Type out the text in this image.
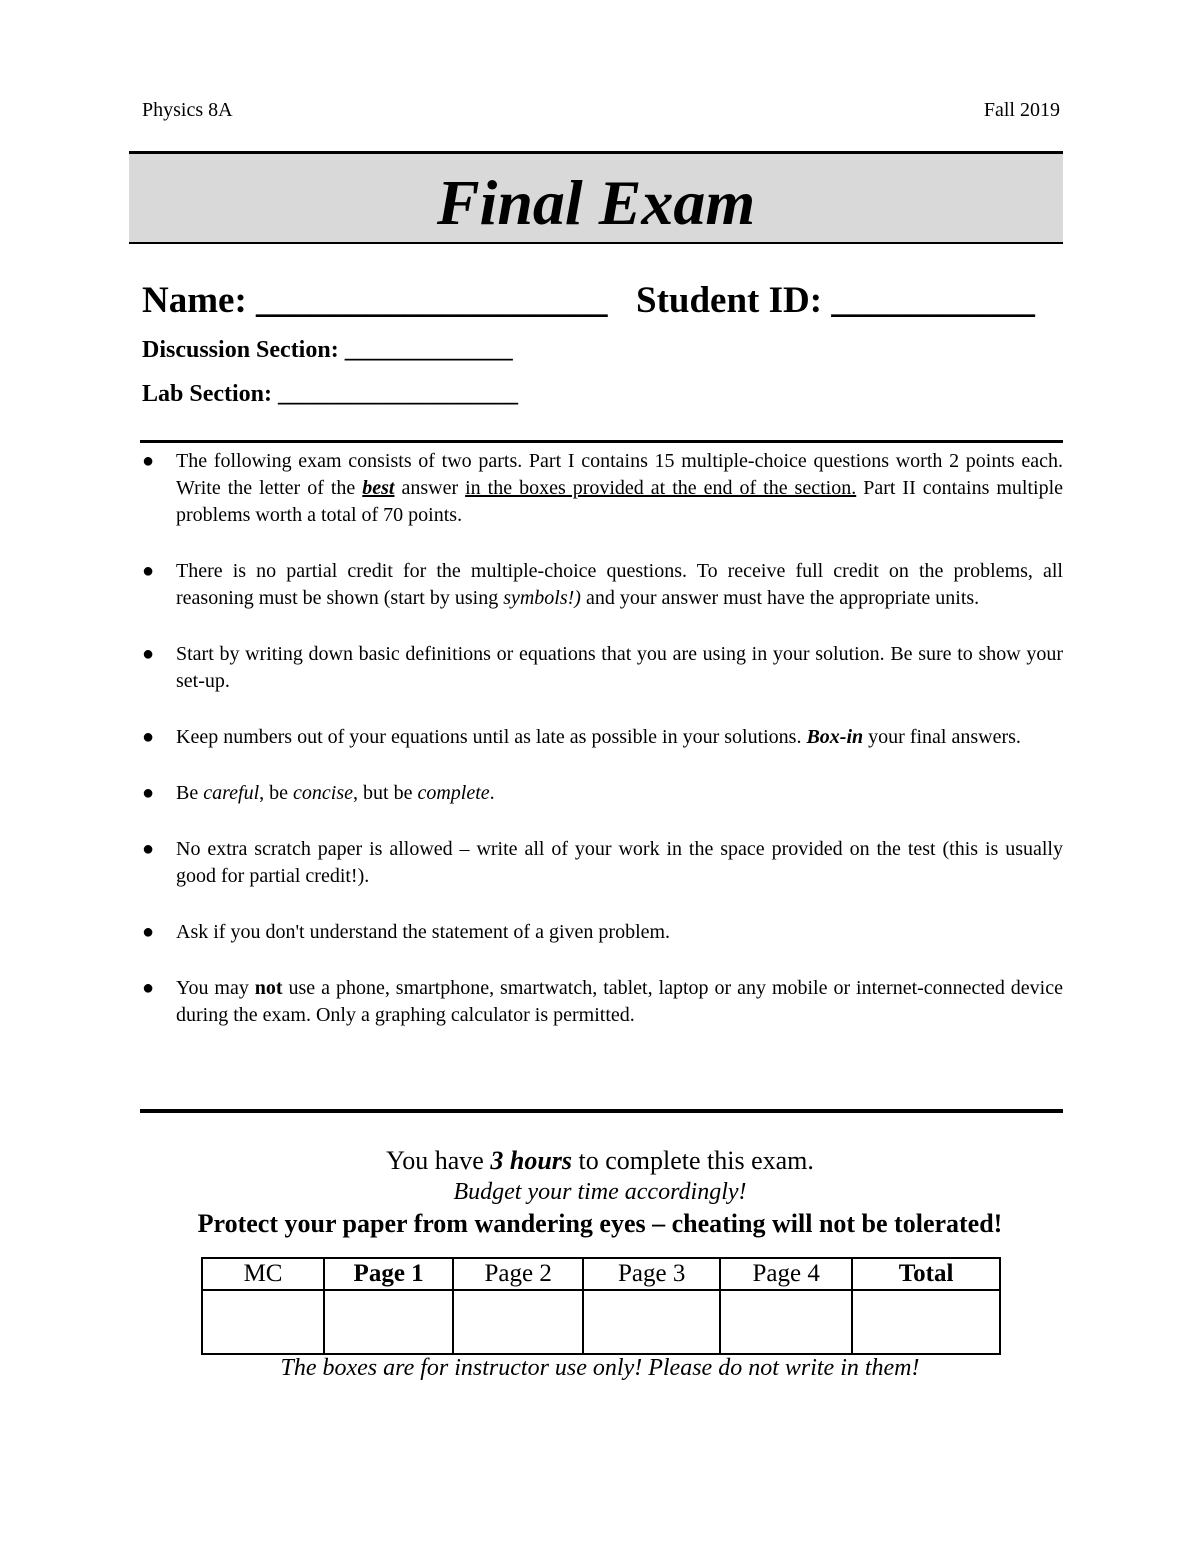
Physics 8A	Fall 2019
Final Exam
Name: ___________________ Student ID: ___________
Discussion Section: ______________
Lab Section: ____________________
● The following exam consists of two parts. Part I contains 15 multiple-choice questions worth 2 points each. Write the letter of the best answer in the boxes provided at the end of the section. Part II contains multiple problems worth a total of 70 points.
● There is no partial credit for the multiple-choice questions. To receive full credit on the problems, all reasoning must be shown (start by using symbols!) and your answer must have the appropriate units.
● Start by writing down basic definitions or equations that you are using in your solution. Be sure to show your set-up.
● Keep numbers out of your equations until as late as possible in your solutions. Box-in your final answers.
● Be careful, be concise, but be complete.
● No extra scratch paper is allowed – write all of your work in the space provided on the test (this is usually good for partial credit!).
● Ask if you don't understand the statement of a given problem.
● You may not use a phone, smartphone, smartwatch, tablet, laptop or any mobile or internet-connected device during the exam. Only a graphing calculator is permitted.
You have 3 hours to complete this exam.
Budget your time accordingly!
Protect your paper from wandering eyes – cheating will not be tolerated!
MC	Page 1	Page 2	Page 3	Page 4	Total

The boxes are for instructor use only! Please do not write in them!
